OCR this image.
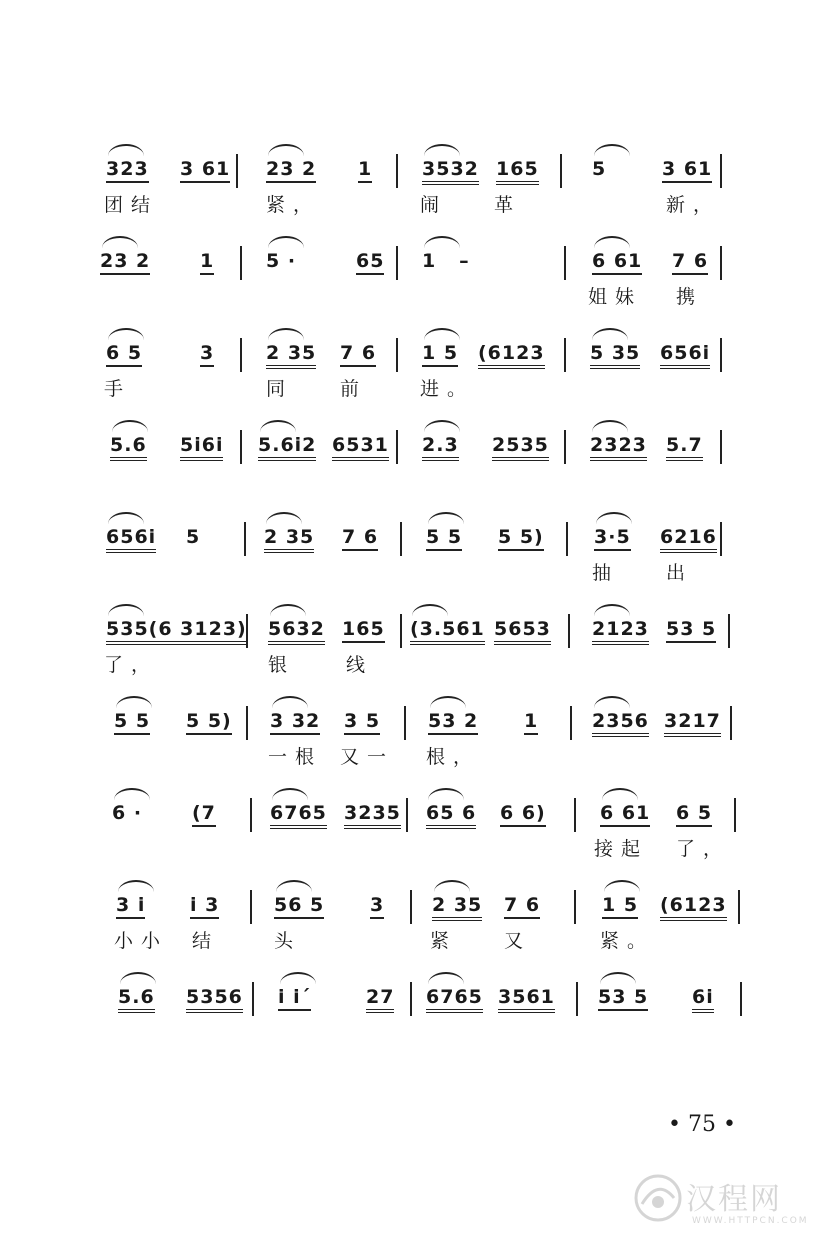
323 3 61 23 2 1	3532 165	5	3 61
团结	紧，	闹 革	新，
23 2	1	5 ·	65 1   –	6 61 7 6
姐妹 携
6 5	3	2 35 7 6 1 5 (6123 5 35 656i
手	同 前	进。
5.6 5i6i 5.6i2 6531 2.3 2535 2323 5.7
656i 5	2 35 7 6	5 5 5 5)	3·5 6216
抽 出
535(6 3123) 5632 165 (3.561 5653 2123 53 5
了，	银	线
5 5 5 5) 3 32 3 5	53 2 1	2356 3217
一根 又一 根，
6 ·	(7	6765 3235 65 6 6 6)	6 61 6 5
接起 了，
3 i i 3	56 5 3	2 35 7 6	1 5 (6123
小小 结	头	紧 又	紧。
5.6 5356 i i´	27 6765 3561 53 5 6i
• 75 •
汉程网
WWW.HTTPCN.COM
